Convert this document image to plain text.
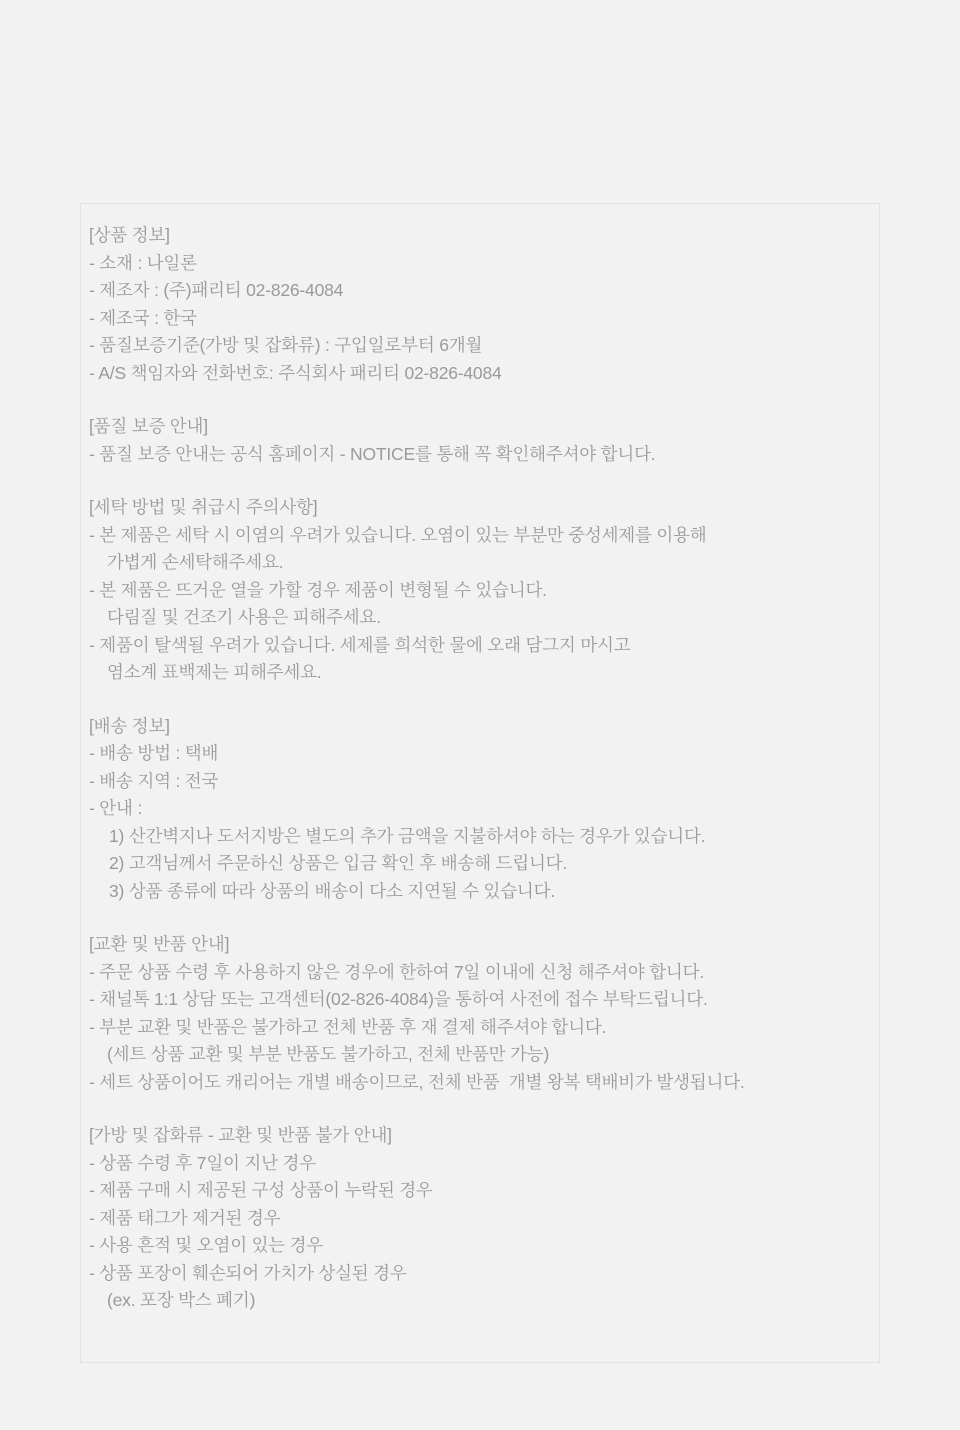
[상품 정보]
- 소재 : 나일론
- 제조자 : (주)패리티 02-826-4084
- 제조국 : 한국
- 품질보증기준(가방 및 잡화류) : 구입일로부터 6개월
- A/S 책임자와 전화번호: 주식회사 패리티 02-826-4084
[품질 보증 안내]
- 품질 보증 안내는 공식 홈페이지 - NOTICE를 통해 꼭 확인해주셔야 합니다.
[세탁 방법 및 취급시 주의사항]
- 본 제품은 세탁 시 이염의 우려가 있습니다. 오염이 있는 부분만 중성세제를 이용해
가볍게 손세탁해주세요.
- 본 제품은 뜨거운 열을 가할 경우 제품이 변형될 수 있습니다.
다림질 및 건조기 사용은 피해주세요.
- 제품이 탈색될 우려가 있습니다. 세제를 희석한 물에 오래 담그지 마시고
염소계 표백제는 피해주세요.
[배송 정보]
- 배송 방법 : 택배
- 배송 지역 : 전국
- 안내 :
1) 산간벽지나 도서지방은 별도의 추가 금액을 지불하셔야 하는 경우가 있습니다.
2) 고객님께서 주문하신 상품은 입금 확인 후 배송해 드립니다.
3) 상품 종류에 따라 상품의 배송이 다소 지연될 수 있습니다.
[교환 및 반품 안내]
- 주문 상품 수령 후 사용하지 않은 경우에 한하여 7일 이내에 신청 해주셔야 합니다.
- 채널톡 1:1 상담 또는 고객센터(02-826-4084)을 통하여 사전에 접수 부탁드립니다.
- 부분 교환 및 반품은 불가하고 전체 반품 후 재 결제 해주셔야 합니다.
(세트 상품 교환 및 부분 반품도 불가하고, 전체 반품만 가능)
- 세트 상품이어도 캐리어는 개별 배송이므로, 전체 반품  개별 왕복 택배비가 발생됩니다.
[가방 및 잡화류 - 교환 및 반품 불가 안내]
- 상품 수령 후 7일이 지난 경우
- 제품 구매 시 제공된 구성 상품이 누락된 경우
- 제품 태그가 제거된 경우
- 사용 흔적 및 오염이 있는 경우
- 상품 포장이 훼손되어 가치가 상실된 경우
(ex. 포장 박스 폐기)
